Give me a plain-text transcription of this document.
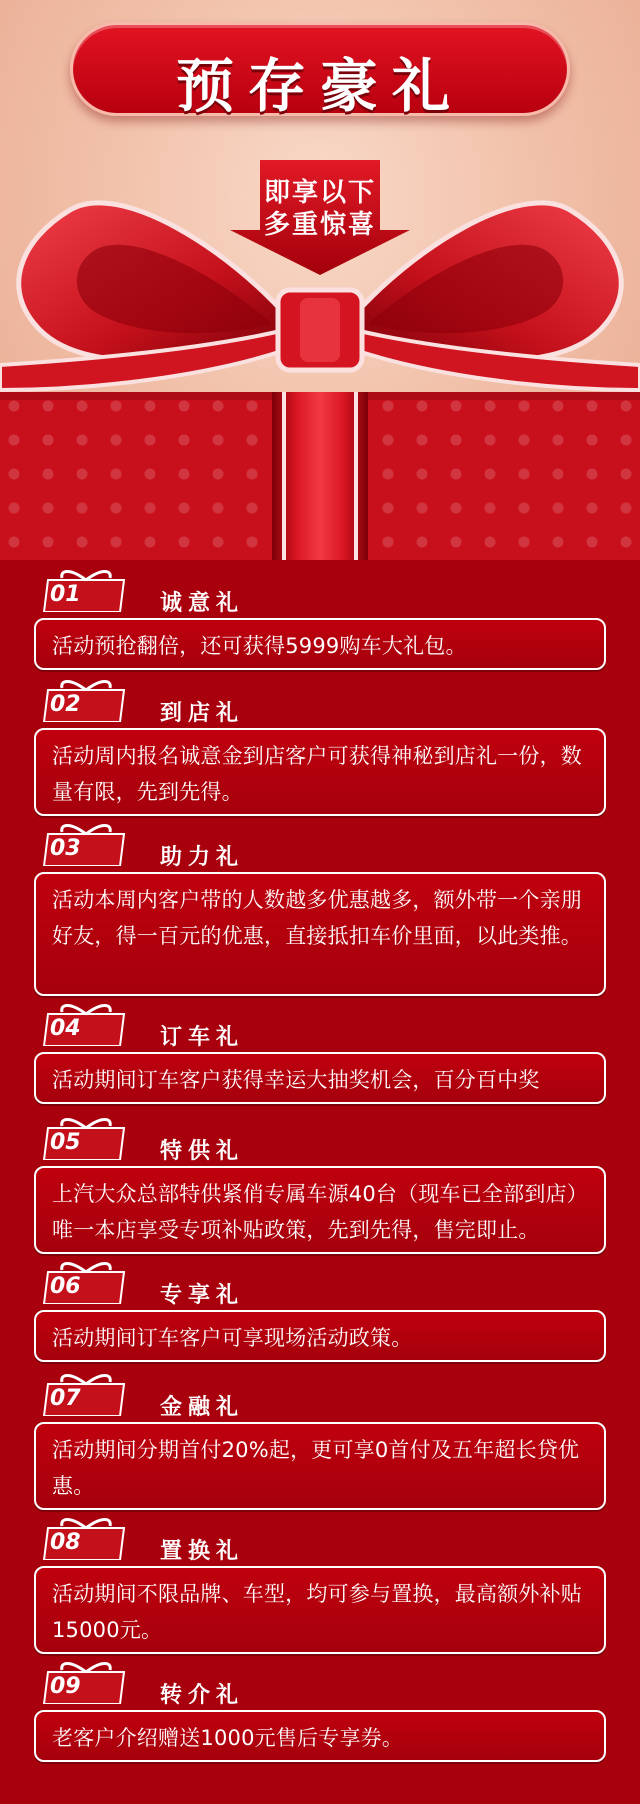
预存豪礼
即享以下
多重惊喜
01	诚意礼
活动预抢翻倍，还可获得5999购车大礼包。
02	到店礼
活动周内报名诚意金到店客户可获得神秘到店礼一份，数量有限，先到先得。
03	助力礼
活动本周内客户带的人数越多优惠越多，额外带一个亲朋好友，得一百元的优惠，直接抵扣车价里面，以此类推。
04	订车礼
活动期间订车客户获得幸运大抽奖机会，百分百中奖
05	特供礼
上汽大众总部特供紧俏专属车源40台（现车已全部到店）唯一本店享受专项补贴政策，先到先得，售完即止。
06	专享礼
活动期间订车客户可享现场活动政策。
07	金融礼
活动期间分期首付20%起，更可享0首付及五年超长贷优惠。
08	置换礼
活动期间不限品牌、车型，均可参与置换，最高额外补贴15000元。
09	转介礼
老客户介绍赠送1000元售后专享券。
